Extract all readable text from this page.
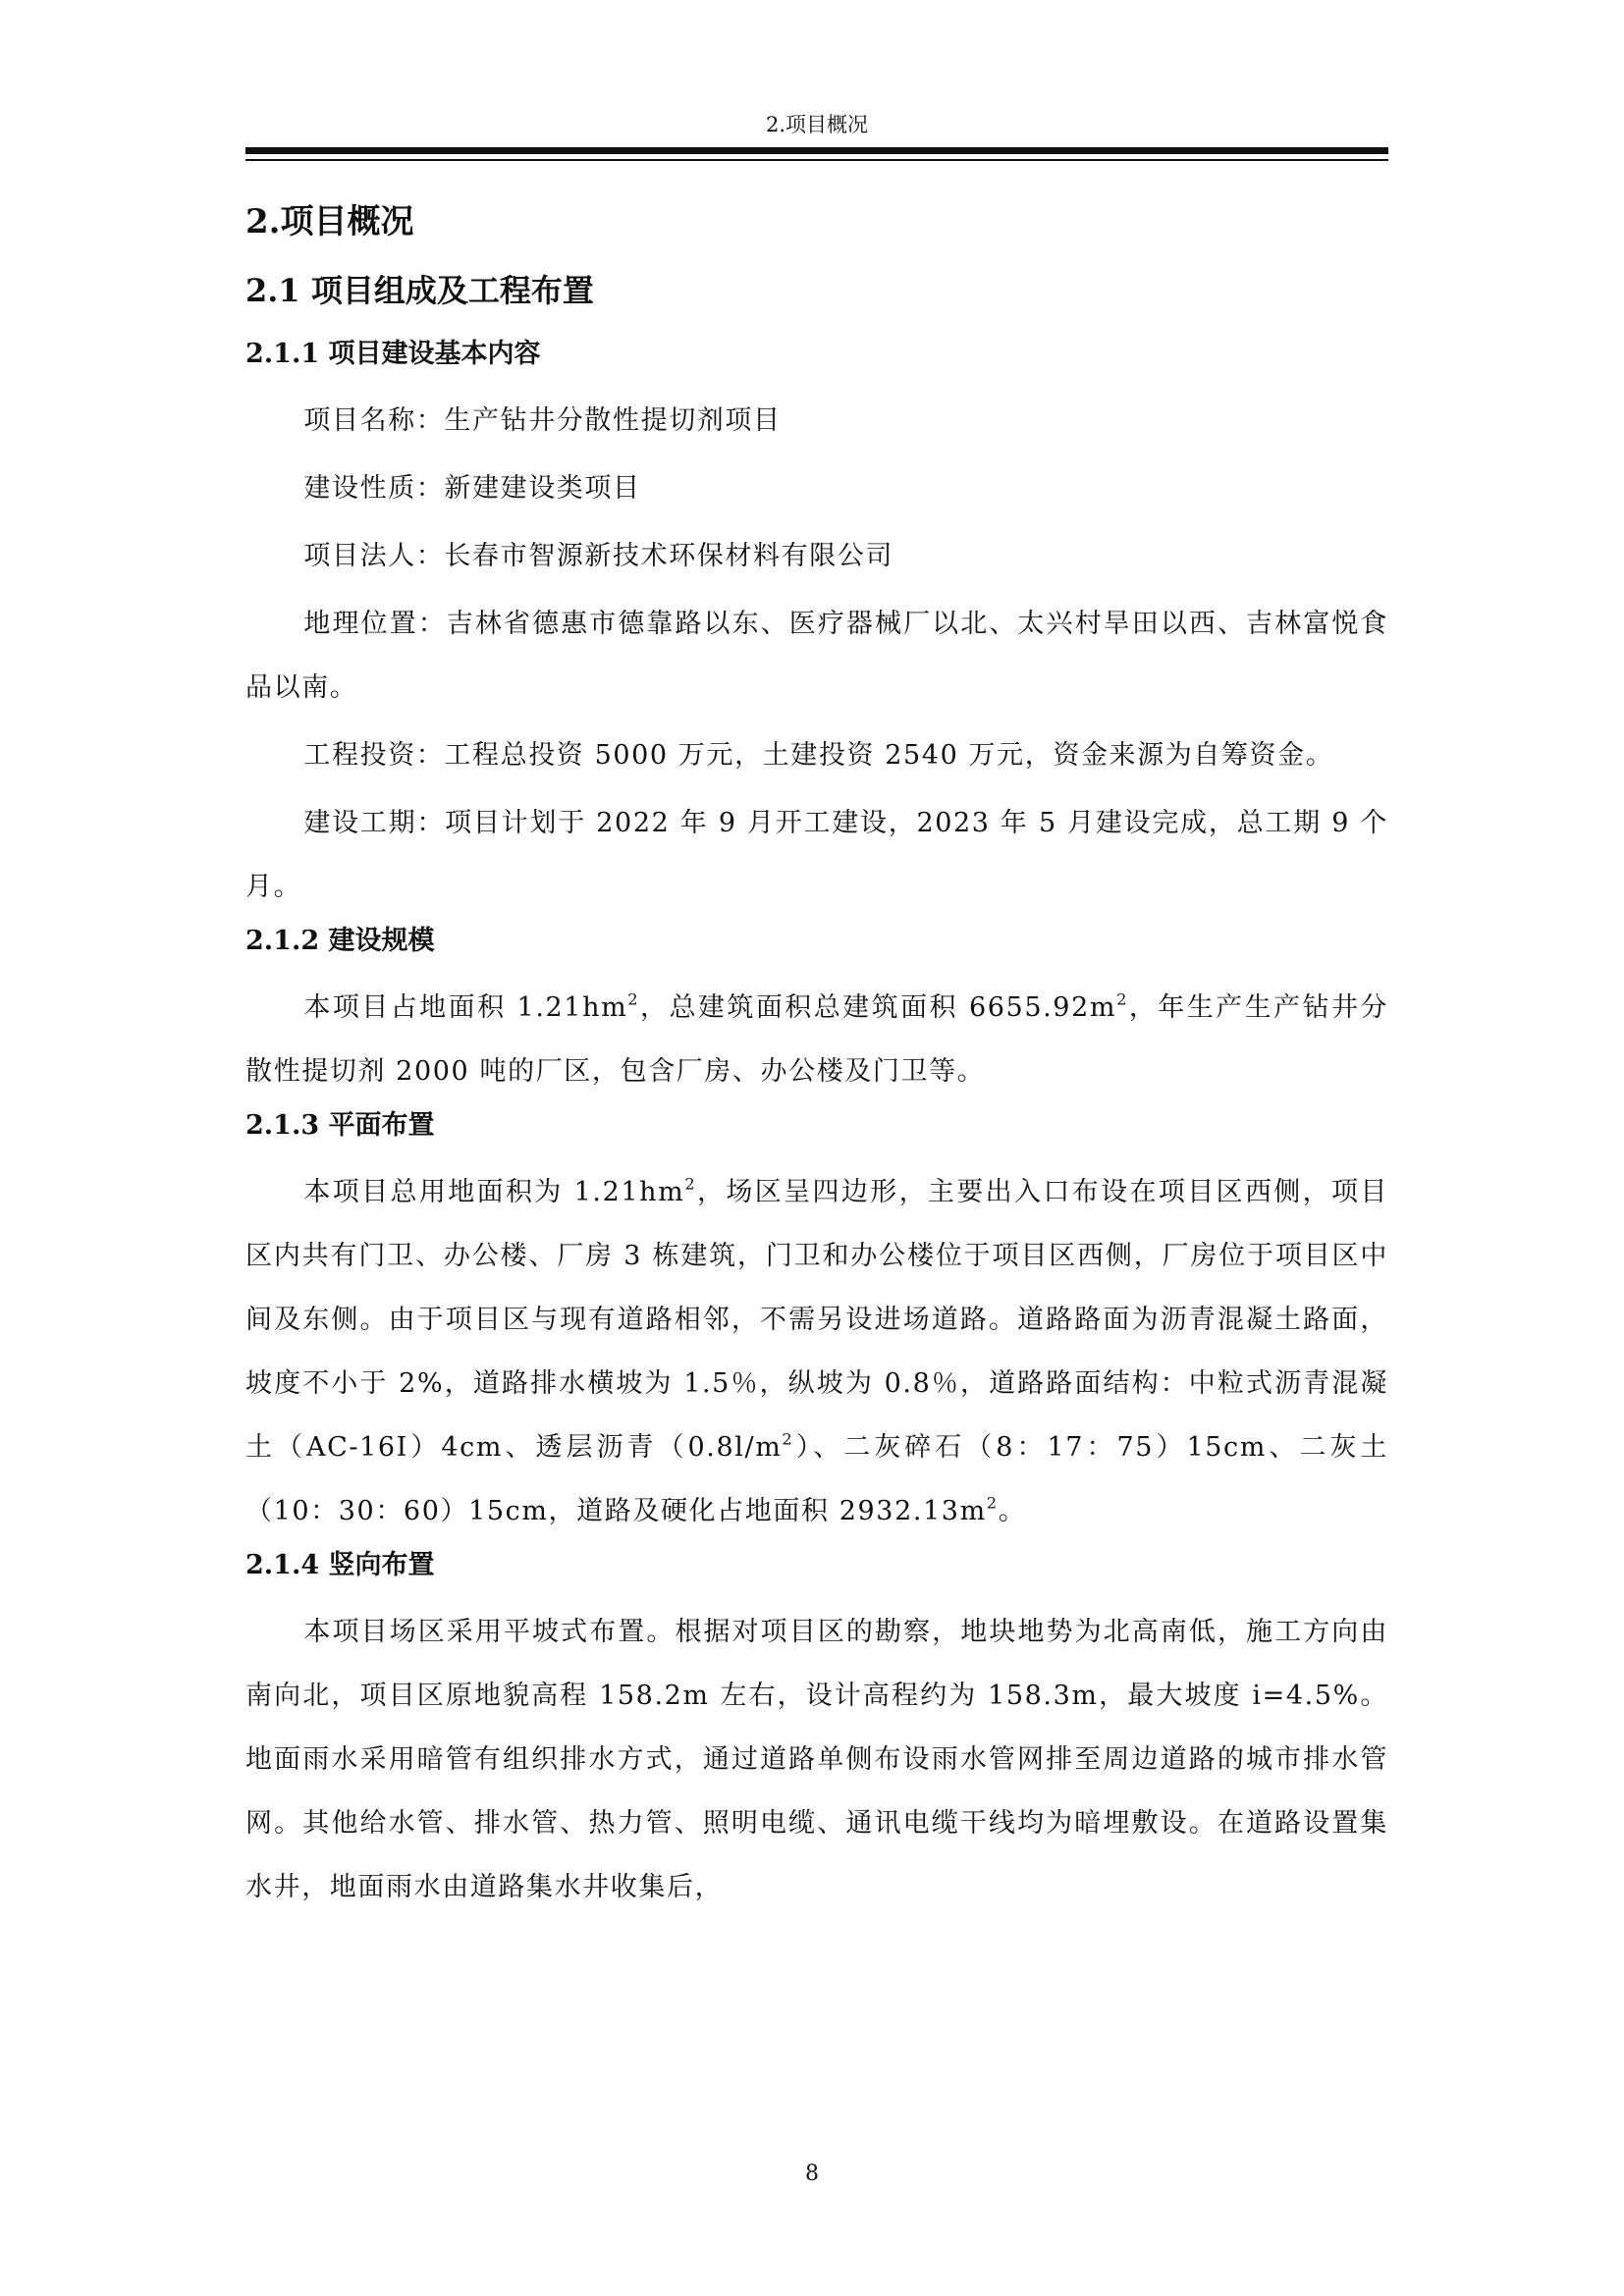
2.项目概况
2.项目概况
2.1 项目组成及工程布置
2.1.1 项目建设基本内容

项目名称：生产钻井分散性提切剂项目

建设性质：新建建设类项目

项目法人：长春市智源新技术环保材料有限公司

地理位置：吉林省德惠市德靠路以东、医疗器械厂以北、太兴村旱田以西、吉林富悦食品以南。

工程投资：工程总投资 5000 万元，土建投资 2540 万元，资金来源为自筹资金。

建设工期：项目计划于 2022 年 9 月开工建设，2023 年 5 月建设完成，总工期 9 个月。

2.1.2 建设规模

本项目占地面积 $1.21hm^2$，总建筑面积总建筑面积 $6655.92m^2$，年生产生产钻井分散性提切剂 2000 吨的厂区，包含厂房、办公楼及门卫等。

2.1.3 平面布置

本项目总用地面积为 $1.21hm^2$，场区呈四边形，主要出入口布设在项目区西侧，项目区内共有门卫、办公楼、厂房 3 栋建筑，门卫和办公楼位于项目区西侧，厂房位于项目区中间及东侧。由于项目区与现有道路相邻，不需另设进场道路。道路路面为沥青混凝土路面，坡度不小于 2%，道路排水横坡为 1.5％，纵坡为 0.8％，道路路面结构：中粒式沥青混凝土（AC-16I）4cm、透层沥青$(0.8l/m^2)$、二灰碎石（8：17：75）15cm、二灰土（10：30：60）15cm，道路及硬化占地面积 $2932.13m^2$。

2.1.4 竖向布置

本项目场区采用平坡式布置。根据对项目区的勘察，地块地势为北高南低，施工方向由南向北，项目区原地貌高程 158.2m 左右，设计高程约为 158.3m，最大坡度 i=4.5%。地面雨水采用暗管有组织排水方式，通过道路单侧布设雨水管网排至周边道路的城市排水管网。其他给水管、排水管、热力管、照明电缆、通讯电缆干线均为暗埋敷设。在道路设置集水井，地面雨水由道路集水井收集后，

8
